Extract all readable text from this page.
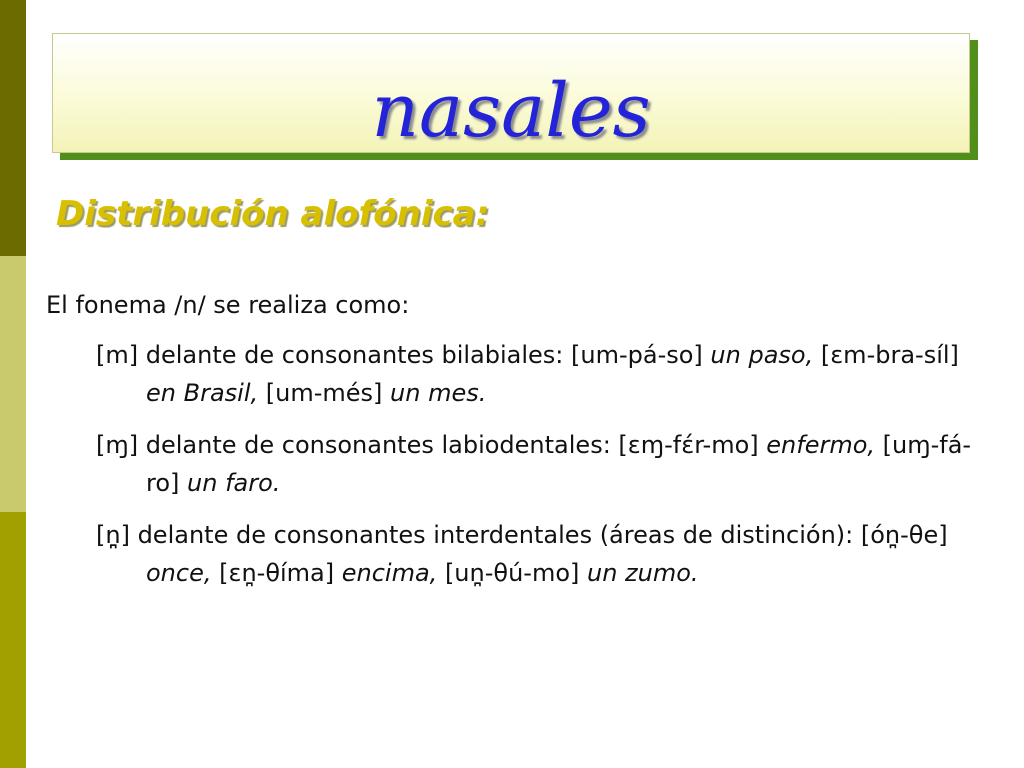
nasales
Distribución alofónica:
El fonema /n/ se realiza como:
[m] delante de consonantes bilabiales: [um-pá-so] un paso, [ɛm-bra-síl] en Brasil, [um-més] un mes.
[ɱ] delante de consonantes labiodentales: [ɛɱ-fɛ́r-mo] enfermo, [uɱ-fá-ro] un faro.
[n̪̪] delante de consonantes interdentales (áreas de distinción): [ón̪-θe] once, [ɛn̪-θíma] encima, [un̪-θú-mo] un zumo.
